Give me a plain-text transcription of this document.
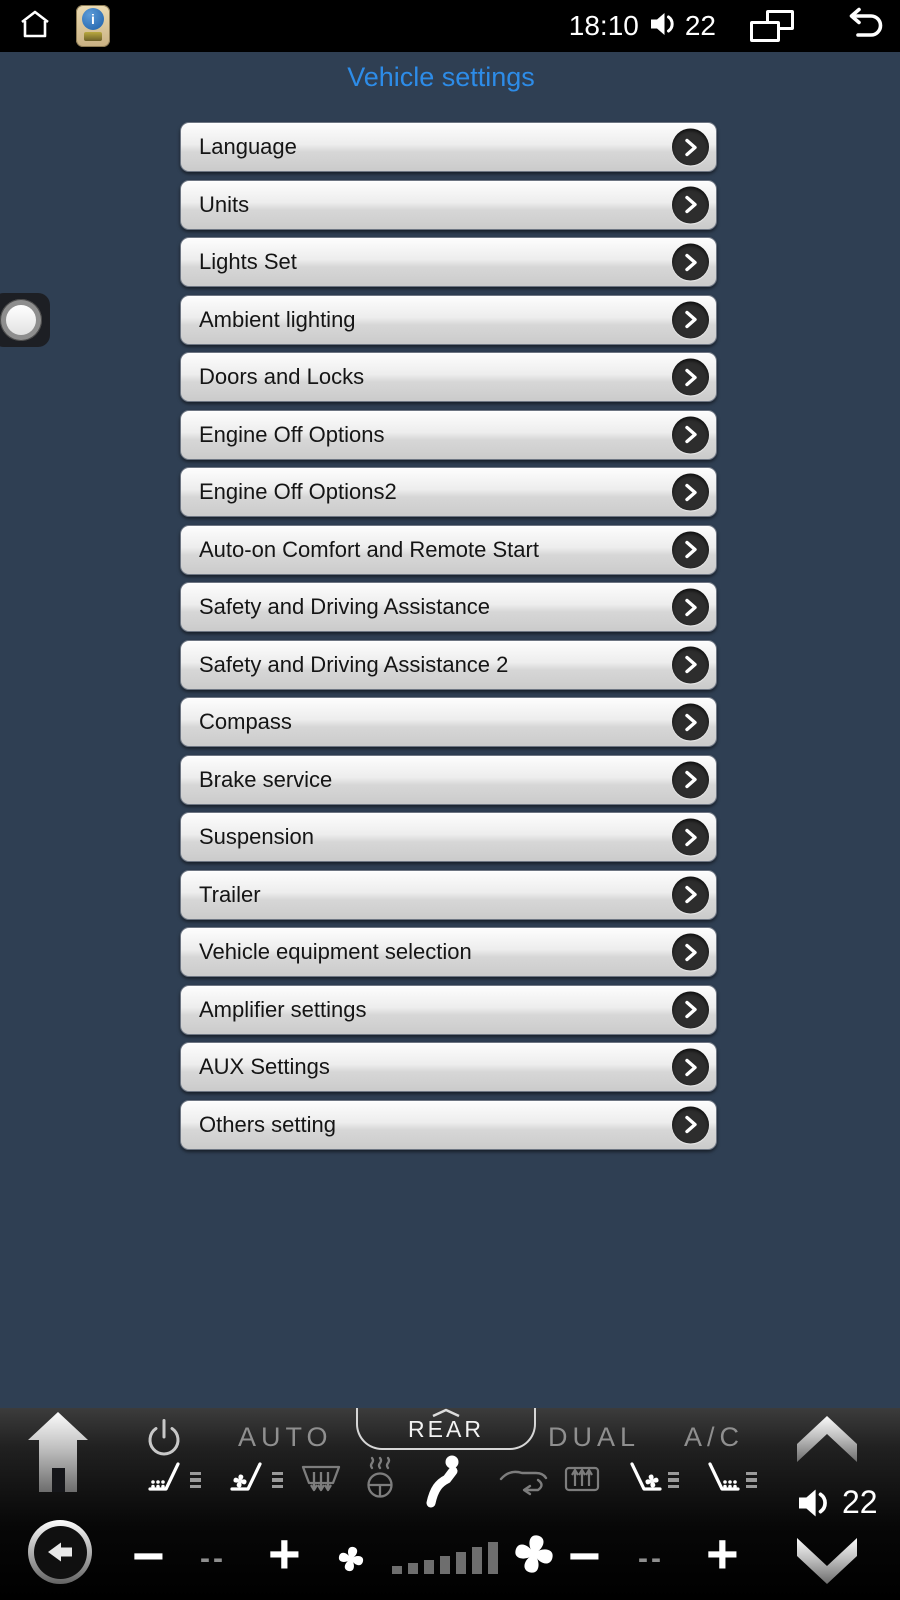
i	18:10 22
Vehicle settings
Language
Units
Lights Set
Ambient lighting
Doors and Locks
Engine Off Options
Engine Off Options2
Auto-on Comfort and Remote Start
Safety and Driving Assistance
Safety and Driving Assistance 2
Compass
Brake service
Suspension
Trailer
Vehicle equipment selection
Amplifier settings
AUX Settings
Others setting
AUTO	REAR DUAL A/C
22
− -- +	− -- +
